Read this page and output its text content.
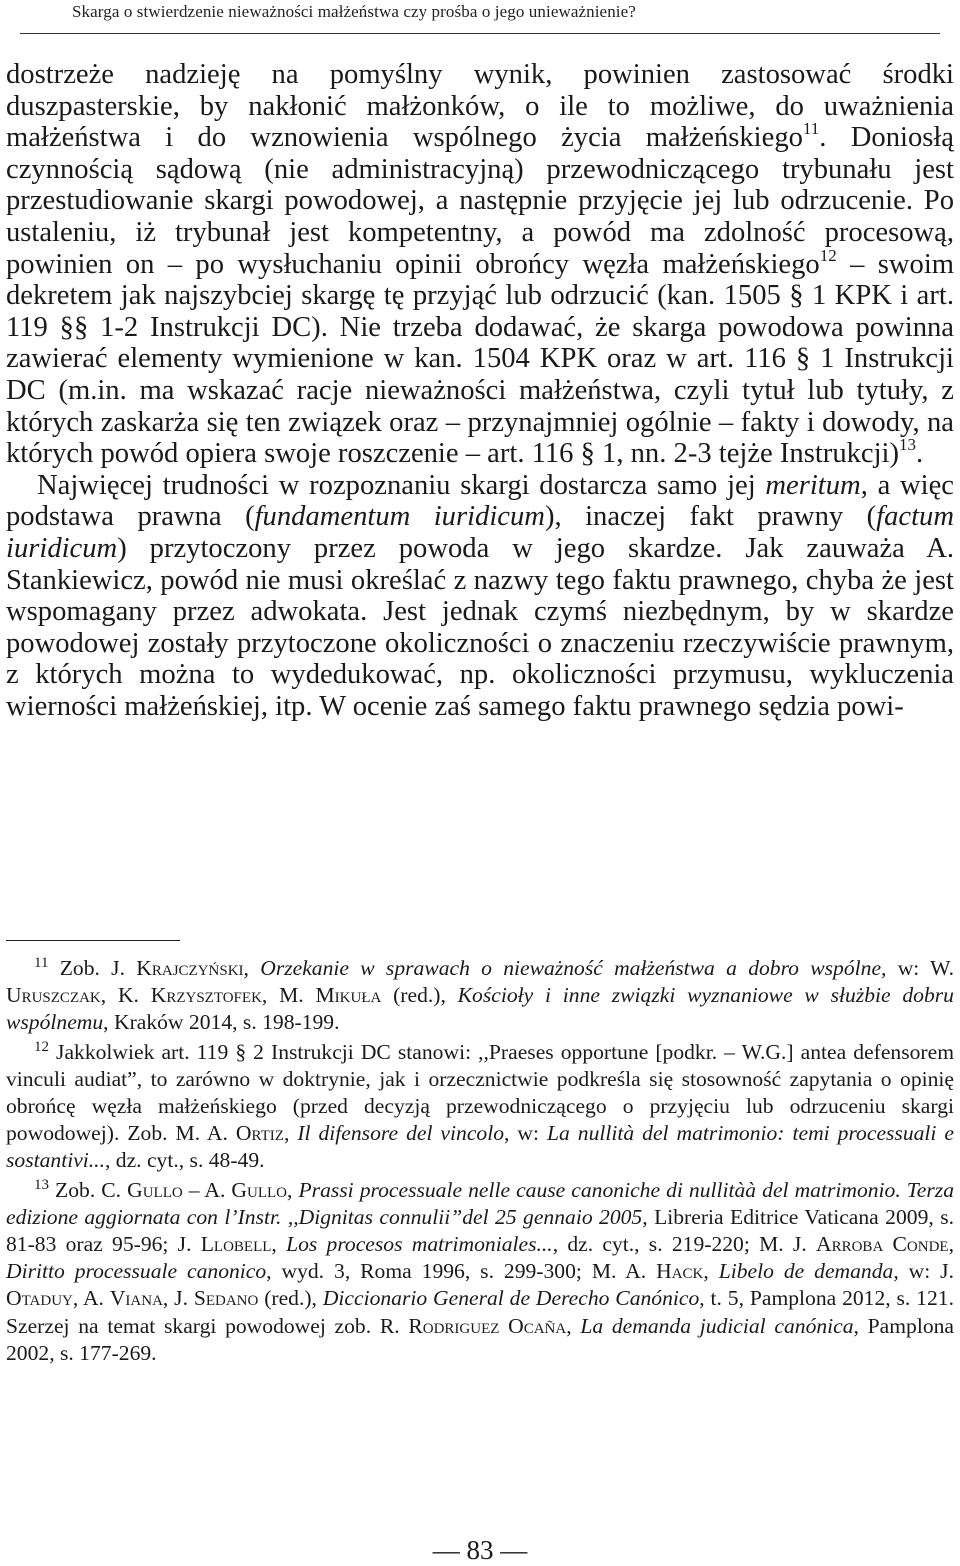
Skarga o stwierdzenie nieważności małżeństwa czy prośba o jego unieważnienie?

dostrzeże nadzieję na pomyślny wynik, powinien zastosować środki duszpasterskie, by nakłonić małżonków, o ile to możliwe, do uważnienia małżeństwa i do wznowienia wspólnego życia małżeńskiego$^{11}$. Doniosłą czynnością sądową (nie administracyjną) przewodniczącego trybunału jest przestudiowanie skargi powodowej, a następnie przyjęcie jej lub odrzucenie. Po ustaleniu, iż trybunał jest kompetentny, a powód ma zdolność procesową, powinien on – po wysłuchaniu opinii obrońcy węzła małżeńskiego$^{12}$ – swoim dekretem jak najszybciej skargę tę przyjąć lub odrzucić (kan. 1505 § 1 KPK i art. 119 §§ 1-2 Instrukcji DC). Nie trzeba dodawać, że skarga powodowa powinna zawierać elementy wymienione w kan. 1504 KPK oraz w art. 116 § 1 Instrukcji DC (m.in. ma wskazać racje nieważności małżeństwa, czyli tytuł lub tytuły, z których zaskarża się ten związek oraz – przynajmniej ogólnie – fakty i dowody, na których powód opiera swoje roszczenie – art. 116 § 1, nn. 2-3 tejże Instrukcji)$^{13}$.

Najwięcej trudności w rozpoznaniu skargi dostarcza samo jej meritum, a więc podstawa prawna (fundamentum iuridicum), inaczej fakt prawny (factum iuridicum) przytoczony przez powoda w jego skardze. Jak zauważa A. Stankiewicz, powód nie musi określać z nazwy tego faktu prawnego, chyba że jest wspomagany przez adwokata. Jest jednak czymś niezbędnym, by w skardze powodowej zostały przytoczone okoliczności o znaczeniu rzeczywiście prawnym, z których można to wydedukować, np. okoliczności przymusu, wykluczenia wierności małżeńskiej, itp. W ocenie zaś samego faktu prawnego sędzia powi-

$^{11}$ Zob. J. Krajczyński, Orzekanie w sprawach o nieważność małżeństwa a dobro wspólne, w: W. Uruszczak, K. Krzysztofek, M. Mikuła (red.), Kościoły i inne związki wyznaniowe w służbie dobru wspólnemu, Kraków 2014, s. 198-199.

$^{12}$ Jakkolwiek art. 119 § 2 Instrukcji DC stanowi: ,,Praeses opportune [podkr. – W.G.] antea defensorem vinculi audiat”, to zarówno w doktrynie, jak i orzecznictwie podkreśla się stosowność zapytania o opinię obrońcę węzła małżeńskiego (przed decyzją przewodniczącego o przyjęciu lub odrzuceniu skargi powodowej). Zob. M. A. Ortiz, Il difensore del vincolo, w: La nullità del matrimonio: temi processuali e sostantivi..., dz. cyt., s. 48-49.

$^{13}$ Zob. C. Gullo – A. Gullo, Prassi processuale nelle cause canoniche di nullitàà del matrimonio. Terza edizione aggiornata con l’Instr. ,,Dignitas connulii”del 25 gennaio 2005, Libreria Editrice Vaticana 2009, s. 81-83 oraz 95-96; J. Llobell, Los procesos matrimoniales..., dz. cyt., s. 219-220; M. J. Arroba Conde, Diritto processuale canonico, wyd. 3, Roma 1996, s. 299-300; M. A. Hack, Libelo de demanda, w: J. Otaduy, A. Viana, J. Sedano (red.), Diccionario General de Derecho Canónico, t. 5, Pamplona 2012, s. 121. Szerzej na temat skargi powodowej zob. R. Rodriguez Ocaña, La demanda judicial canónica, Pamplona 2002, s. 177-269.

— 83 —
